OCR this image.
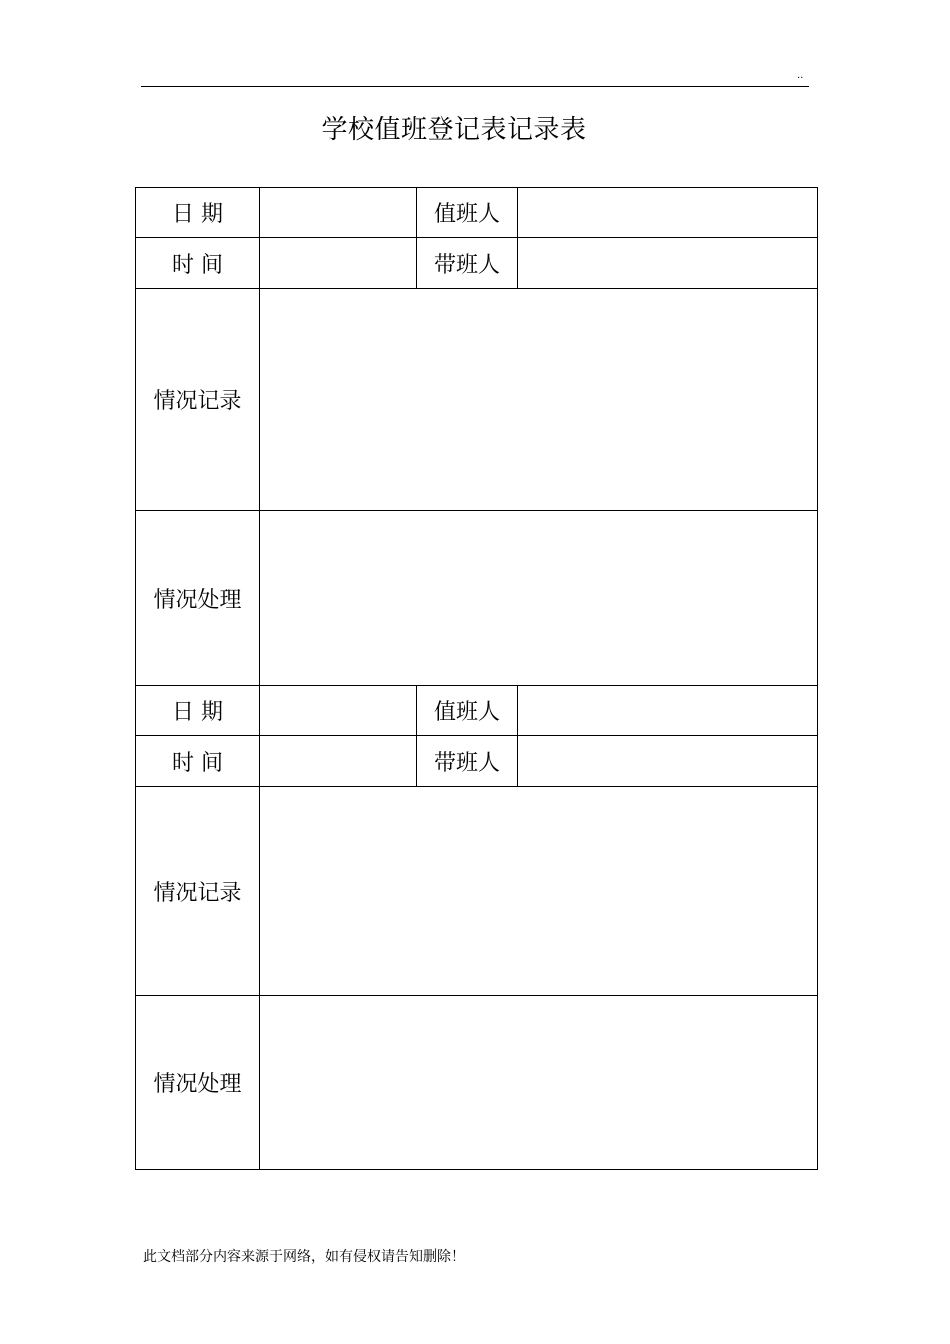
..
学校值班登记表记录表
日 期		值班人	
时 间		带班人	
情况记录			
情况处理			
日 期		值班人	
时 间		带班人	
情况记录			
情况处理			
此文档部分内容来源于网络，如有侵权请告知删除！
